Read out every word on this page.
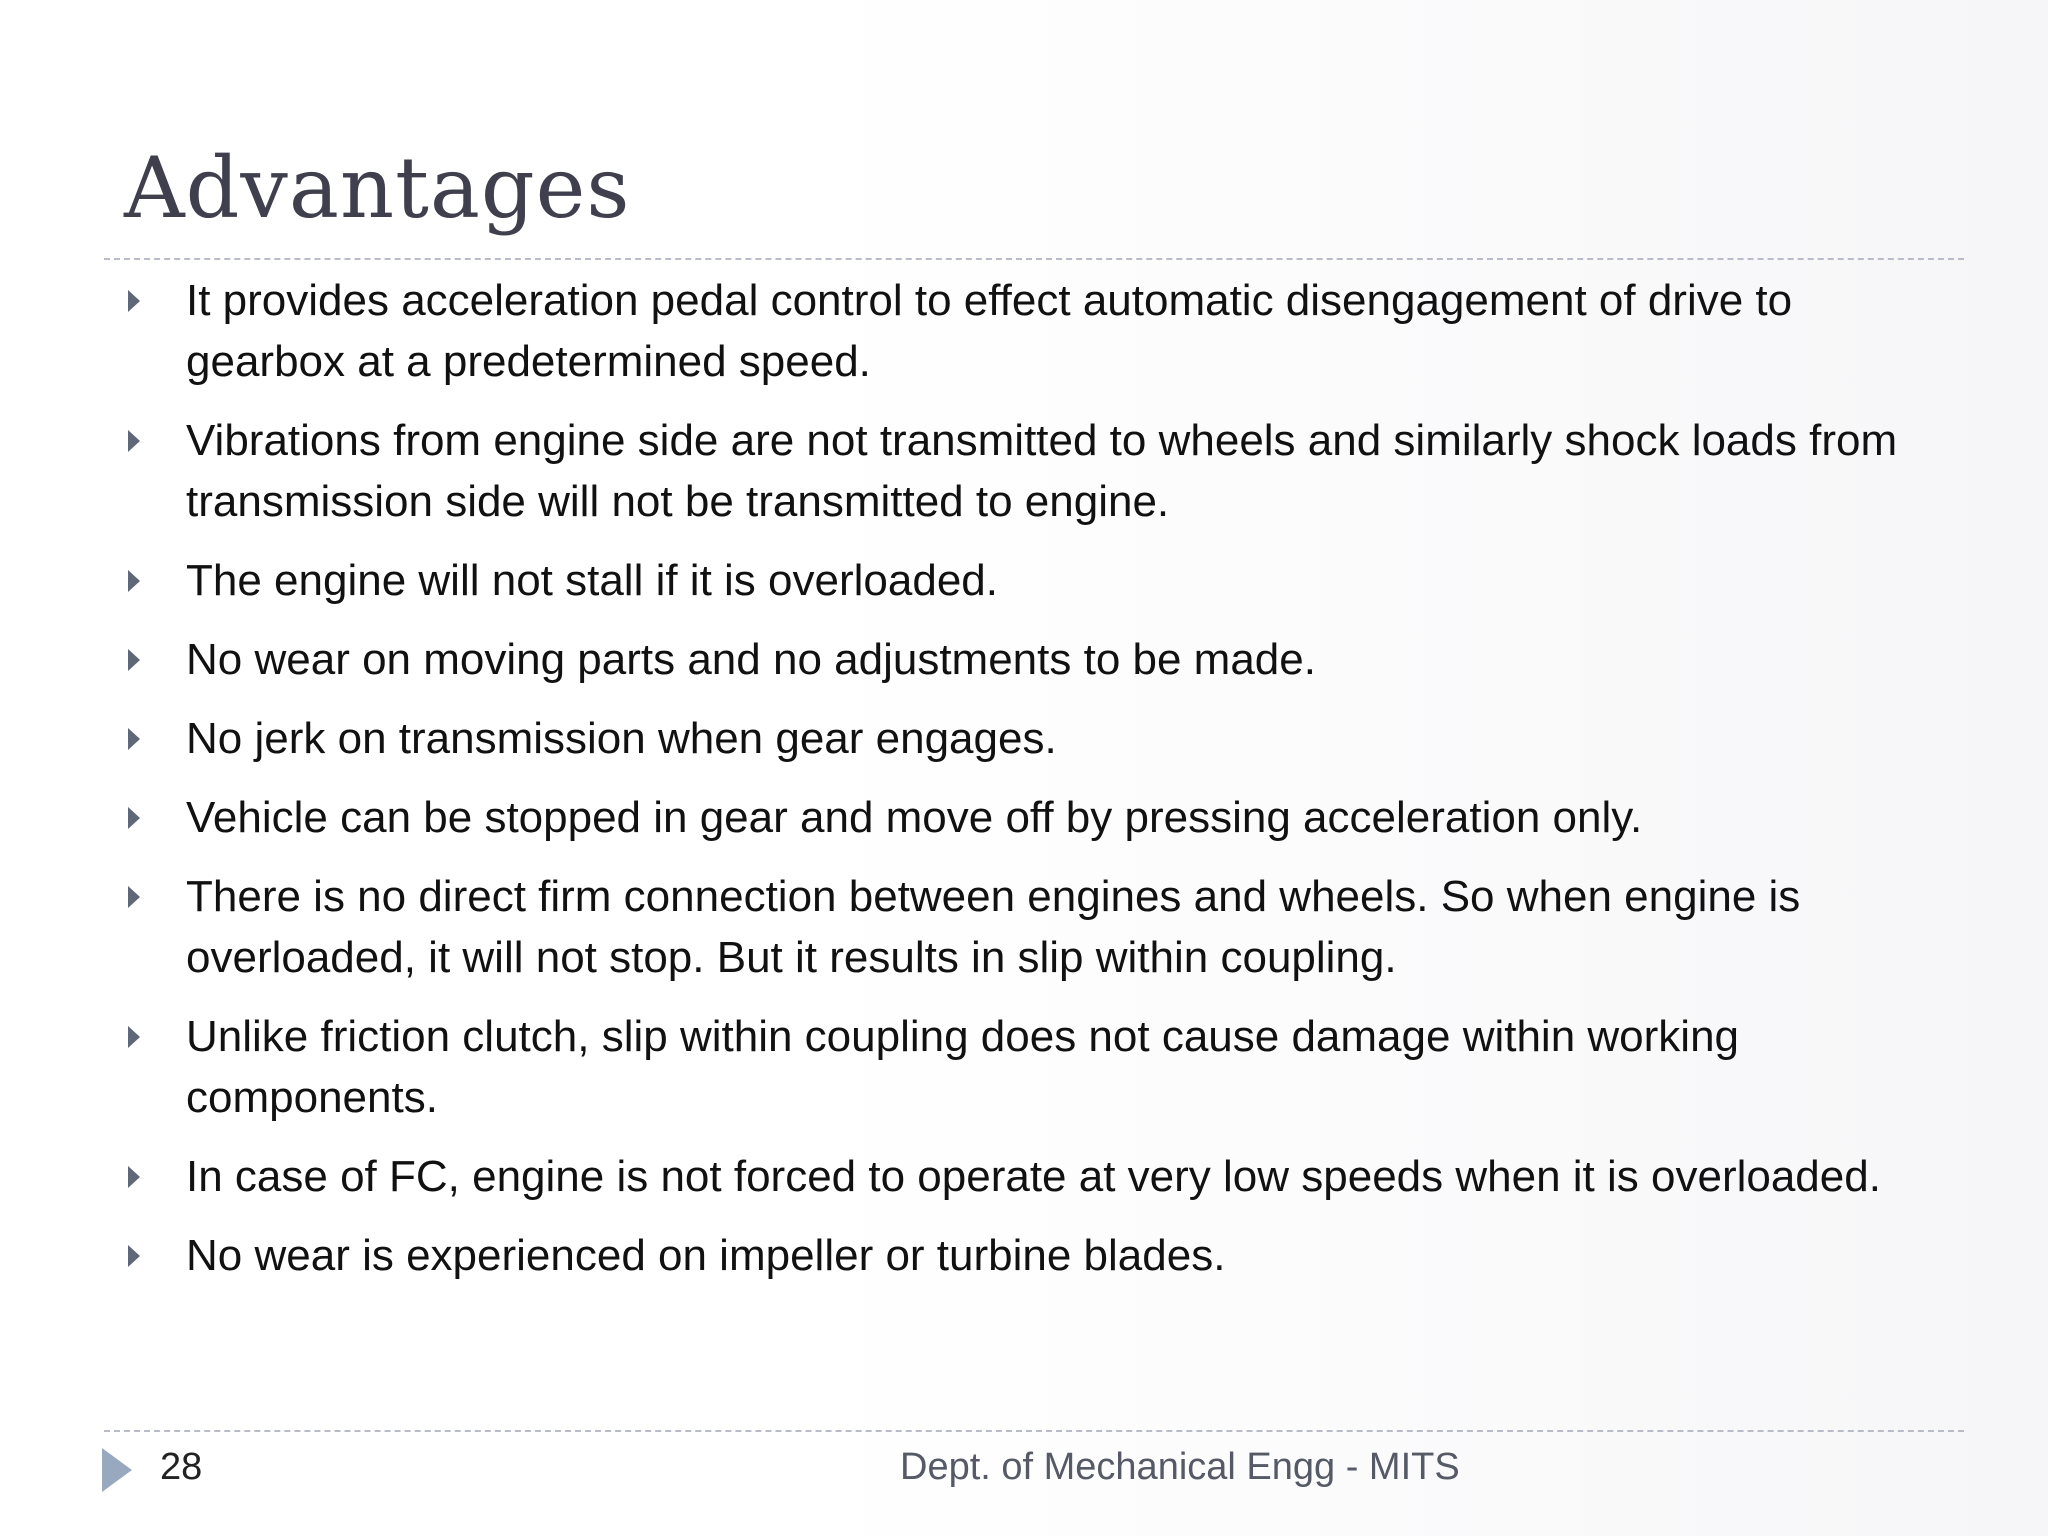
Advantages
It provides acceleration pedal control to effect automatic disengagement of drive to gearbox at a predetermined speed.
Vibrations from engine side are not transmitted to wheels and similarly shock loads from transmission side will not be transmitted to engine.
The engine will not stall if it is overloaded.
No wear on moving parts and no adjustments to be made.
No jerk on transmission when gear engages.
Vehicle can be stopped in gear and move off by pressing acceleration only.
There is no direct firm connection between engines and wheels. So when engine is overloaded, it will not stop. But it results in slip within coupling.
Unlike friction clutch, slip within coupling does not cause damage within working components.
In case of FC, engine is not forced to operate at very low speeds when it is overloaded.
No wear is experienced on impeller or turbine blades.
28	Dept. of Mechanical Engg - MITS
